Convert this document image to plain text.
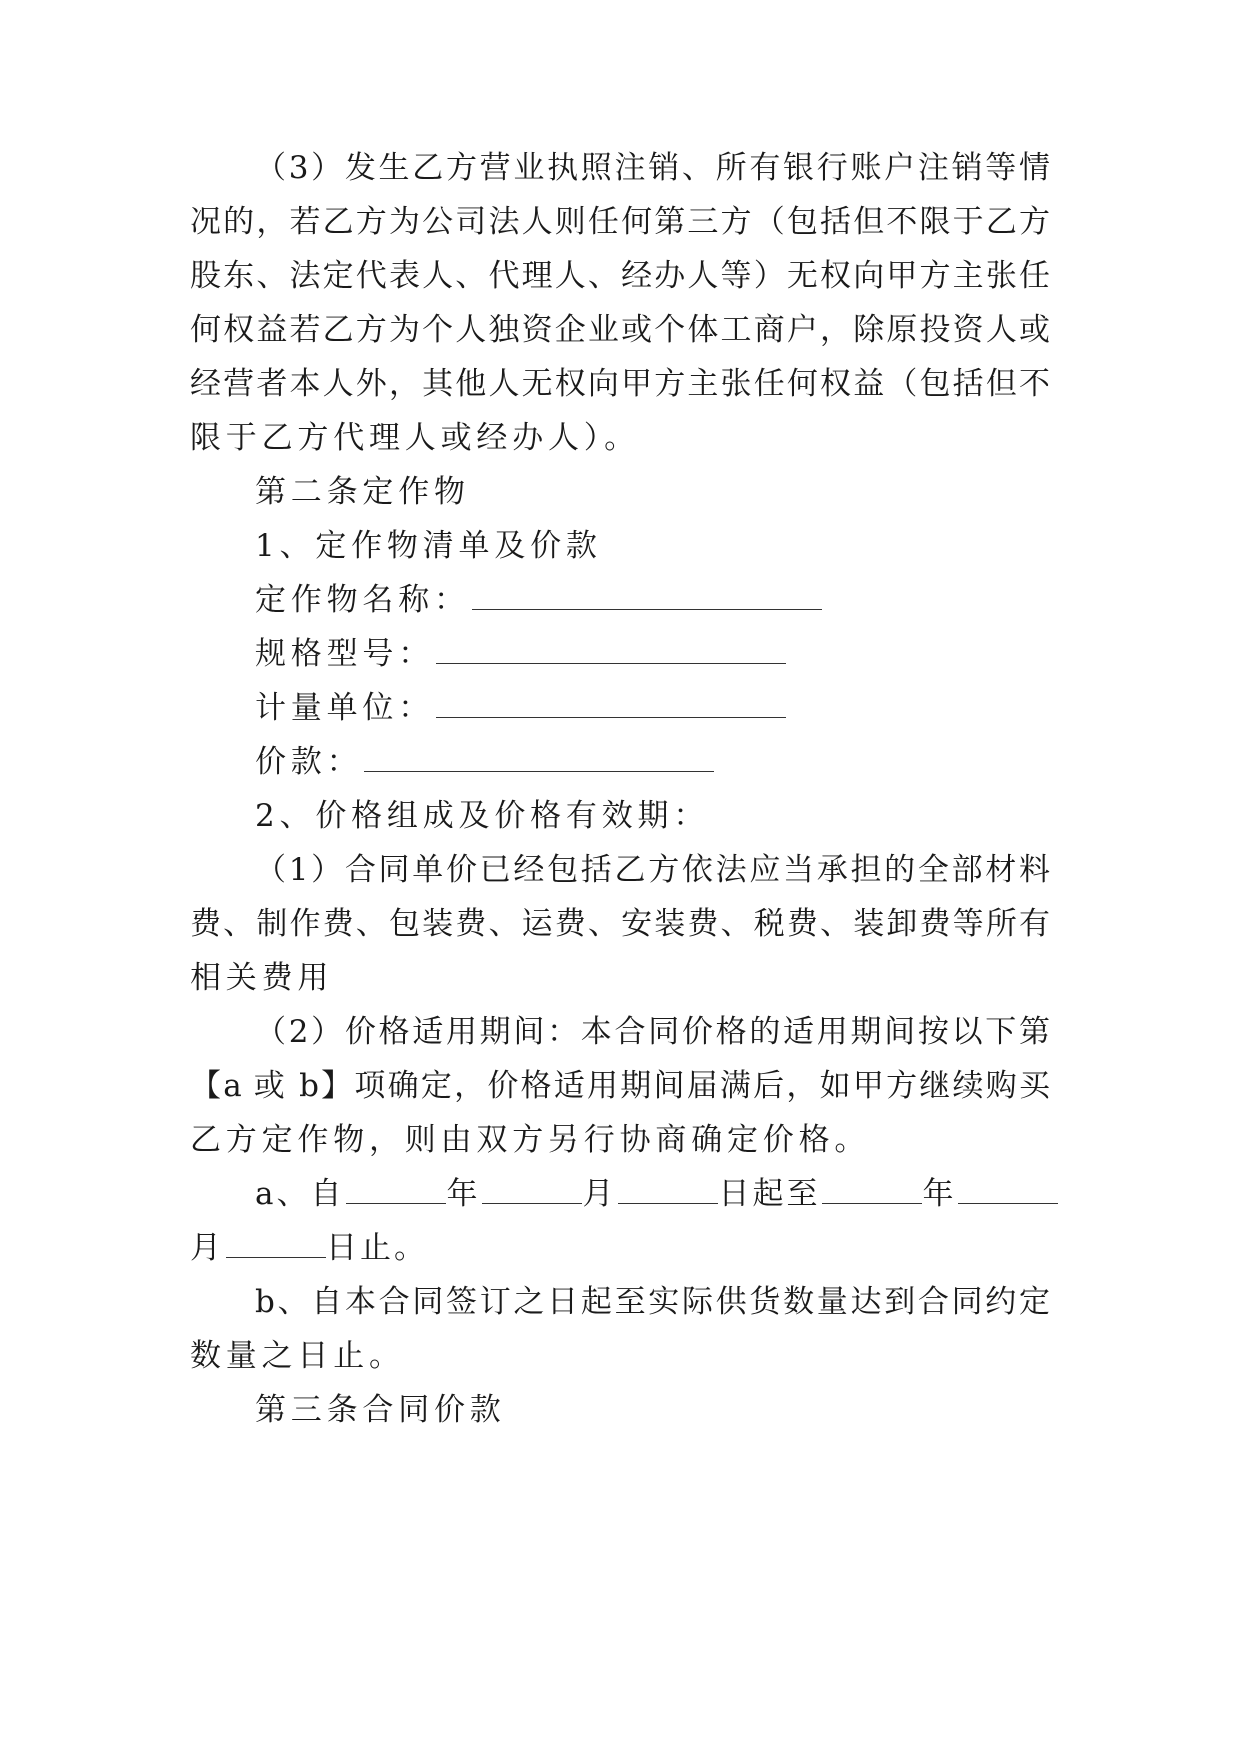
（3）发生乙方营业执照注销、所有银行账户注销等情
况的，若乙方为公司法人则任何第三方（包括但不限于乙方
股东、法定代表人、代理人、经办人等）无权向甲方主张任
何权益若乙方为个人独资企业或个体工商户，除原投资人或
经营者本人外，其他人无权向甲方主张任何权益（包括但不
限于乙方代理人或经办人）。
第二条定作物
1、定作物清单及价款
定作物名称：
规格型号：
计量单位：
价款：
2、价格组成及价格有效期：
（1）合同单价已经包括乙方依法应当承担的全部材料
费、制作费、包装费、运费、安装费、税费、装卸费等所有
相关费用
（2）价格适用期间：本合同价格的适用期间按以下第
【a 或 b】项确定，价格适用期间届满后，如甲方继续购买
乙方定作物，则由双方另行协商确定价格。
a、自	年	月	日起至	年
月	日止。
b、自本合同签订之日起至实际供货数量达到合同约定
数量之日止。
第三条合同价款
